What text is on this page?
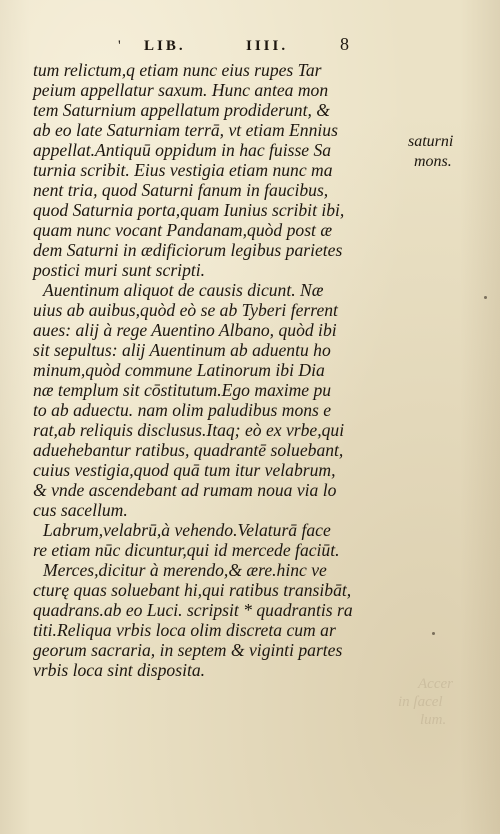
' LIB.	IIII.	8
tum relictum,q etiam nunc eius rupes Tar
peium appellatur saxum. Hunc antea mon
tem Saturnium appellatum prodiderunt, &
ab eo late Saturniam terrā, vt etiam Ennius
appellat.Antiquū oppidum in hac fuisse Sa
turnia scribit. Eius vestigia etiam nunc ma
nent tria, quod Saturni fanum in faucibus,
quod Saturnia porta,quam Iunius scribit ibi,
quam nunc vocant Pandanam,quòd post æ
dem Saturni in ædificiorum legibus parietes
postici muri sunt scripti.
Auentinum aliquot de causis dicunt. Næ
uius ab auibus,quòd eò se ab Tyberi ferrent
aues: alij à rege Auentino Albano, quòd ibi
sit sepultus: alij Auentinum ab aduentu ho
minum,quòd commune Latinorum ibi Dia
næ templum sit cōstitutum.Ego maxime pu
to ab aduectu. nam olim paludibus mons e
rat,ab reliquis disclusus.Itaq; eò ex vrbe,qui
aduehebantur ratibus, quadrantē soluebant,
cuius vestigia,quod quā tum itur velabrum,
& vnde ascendebant ad rumam noua via lo
cus sacellum.
Labrum,velabrū,à vehendo.Velaturā face
re etiam nūc dicuntur,qui id mercede faciūt.
Merces,dicitur à merendo,& ære.hinc ve
cturę quas soluebant hi,qui ratibus transibāt,
quadrans.ab eo Luci. scripsit * quadrantis ra
titi.Reliqua vrbis loca olim discreta cum ar
georum sacraria, in septem & viginti partes
vrbis loca sint disposita.
saturni
mons.
Accer
in ſacel
lum.
